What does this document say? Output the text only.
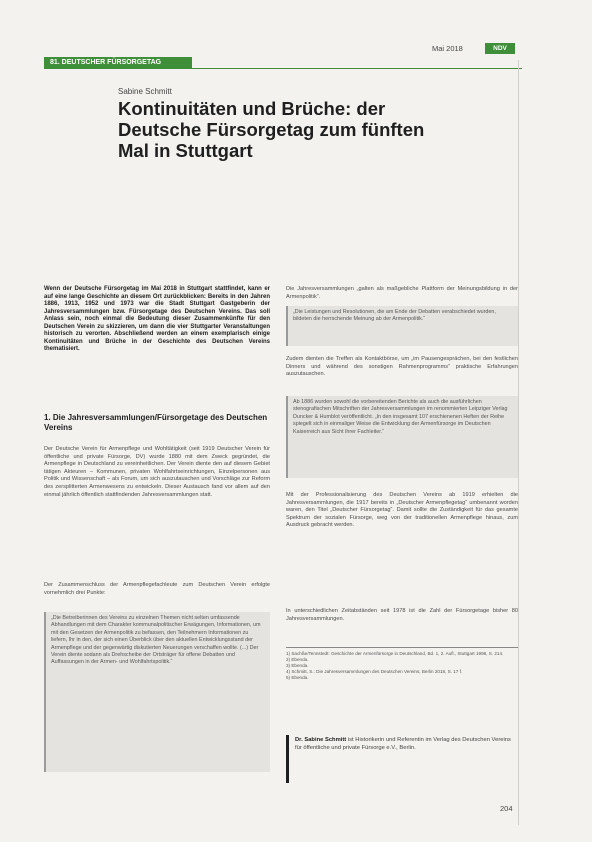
81. DEUTSCHER FÜRSORGETAG
Mai 2018	NDV
Sabine Schmitt
Kontinuitäten und Brüche: der Deutsche Fürsorgetag zum fünften Mal in Stuttgart
Wenn der Deutsche Fürsorgetag im Mai 2018 in Stuttgart stattfindet, kann er auf eine lange Geschichte an diesem Ort zurückblicken: Bereits in den Jahren 1886, 1913, 1952 und 1973 war die Stadt Stuttgart Gastgeberin der Jahresversammlungen bzw. Fürsorgetage des Deutschen Vereins. Das soll Anlass sein, noch einmal die Bedeutung dieser Zusammenkünfte für den Deutschen Verein zu skizzieren, um dann die vier Stuttgarter Veranstaltungen historisch zu verorten. Abschließend werden an einem exemplarisch einige Kontinuitäten und Brüche in der Geschichte des Deutschen Vereins thematisiert.
1. Die Jahresversammlungen/Fürsorgetage des Deutschen Vereins
Der Deutsche Verein für Armenpflege und Wohltätigkeit (seit 1919 Deutscher Verein für öffentliche und private Fürsorge, DV) wurde 1880 mit dem Zweck gegründet, die Armenpflege in Deutschland zu vereinheitlichen. Der Verein diente den auf diesem Gebiet tätigen Akteuren – Kommunen, privaten Wohlfahrtseinrichtungen, Einzelpersonen aus Politik und Wissenschaft – als Forum, um sich auszutauschen und Vorschläge zur Reform des zersplitterten Armenwesens zu entwickeln. Dieser Austausch fand vor allem auf den einmal jährlich öffentlich stattfindenden Jahresversammlungen statt.
Der Zusammenschluss der Armenpflegefachleute zum Deutschen Verein erfolgte vornehmlich drei Punkte:
„Die Betreiberinnen des Vereins zu einzelnen Themen nicht selten umfassende Abhandlungen mit dem Charakter kommunalpolitischer Erwägungen, Informationen, um mit den Gesetzen der Armenpolitik zu befassen, den Teilnehmern Informationen zu liefern, Ihr in den, der sich einen Überblick über den aktuellen Entwicklungsstand der Armenpflege und der gegenwärtig diskutierten Neuerungen verschaffen wollte. (...) Der Verein diente sodann als Drehscheibe der Ortsträger für offene Debatten und Auffassungen in der Armen- und Wohlfahrtspolitik.“
Die Jahresversammlungen „galten als maßgebliche Plattform der Meinungsbildung in der Armenpolitik“.
„Die Leistungen und Resolutionen, die am Ende der Debatten verabschiedet wurden, bildeten die herrschende Meinung ab der Armenpolitik.“
Zudem dienten die Treffen als Kontaktbörse, um „im Pausengesprächen, bei den festlichen Dinners und während des sonstigen Rahmenprogramms“ praktische Erfahrungen auszutauschen.
Ab 1886 wurden sowohl die vorbereitenden Berichte als auch die ausführlichen stenografischen Mitschriften der Jahresversammlungen im renommierten Leipziger Verlag Duncker & Humblot veröffentlicht. „In den insgesamt 107 erschienenen Heften der Reihe spiegelt sich in einmaliger Weise die Entwicklung der Armenfürsorge im Deutschen Kaiserreich aus Sicht ihrer Fachleiter.“
Mit der Professionalisierung des Deutschen Vereins ab 1919 erhielten die Jahresversammlungen, die 1917 bereits in „Deutscher Armenpflegetag“ umbenannt worden waren, den Titel „Deutscher Fürsorgetag“. Damit sollte die Zuständigkeit für das gesamte Spektrum der sozialen Fürsorge, weg von der traditionellen Armenpflege hinaus, zum Ausdruck gebracht werden.
In unterschiedlichen Zeitabständen seit 1978 ist die Zahl der Fürsorgetage bisher 80 Jahresversammlungen.
1) Sachße/Tennstedt: Geschichte der Armenfürsorge in Deutschland, Bd. 1, 2. Aufl., Stuttgart 1998, S. 214.
2) Ebenda.
3) Ebenda.
4) Schmitt, S.: Die Jahresversammlungen des Deutschen Vereins, Berlin 2018, S. 17 f.
5) Ebenda.
Dr. Sabine Schmitt ist Historikerin und Referentin im Verlag des Deutschen Vereins für öffentliche und private Fürsorge e.V., Berlin.
204
